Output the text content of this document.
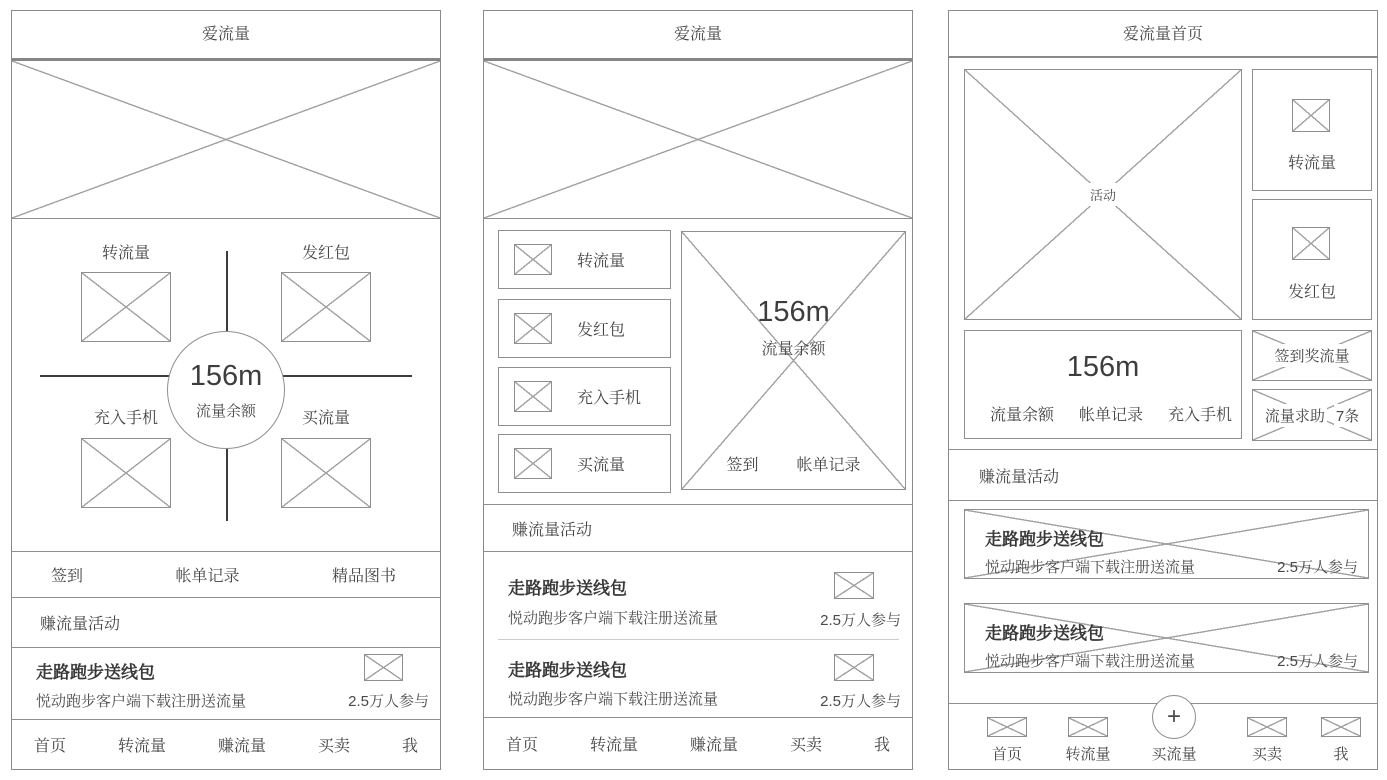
爱流量
转流量	发红包
充入手机	买流量
156m
流量余额
签到	帐单记录	精品图书
赚流量活动
走路跑步送线包
悦动跑步客户端下载注册送流量	2.5万人参与
首页	转流量	赚流量	买卖	我
爱流量
转流量
发红包
充入手机
买流量
156m
流量余额
签到 帐单记录
赚流量活动
走路跑步送线包
悦动跑步客户端下载注册送流量	2.5万人参与
走路跑步送线包
悦动跑步客户端下载注册送流量	2.5万人参与
首页	转流量	赚流量	买卖	我
爱流量首页
活动
转流量
发红包
156m
流量余额 帐单记录 充入手机
签到奖流量
流量求助 7条
赚流量活动
走路跑步送线包
悦动跑步客户端下载注册送流量	2.5万人参与
走路跑步送线包
悦动跑步客户端下载注册送流量	2.5万人参与
首页	转流量	买流量	买卖	我
+
